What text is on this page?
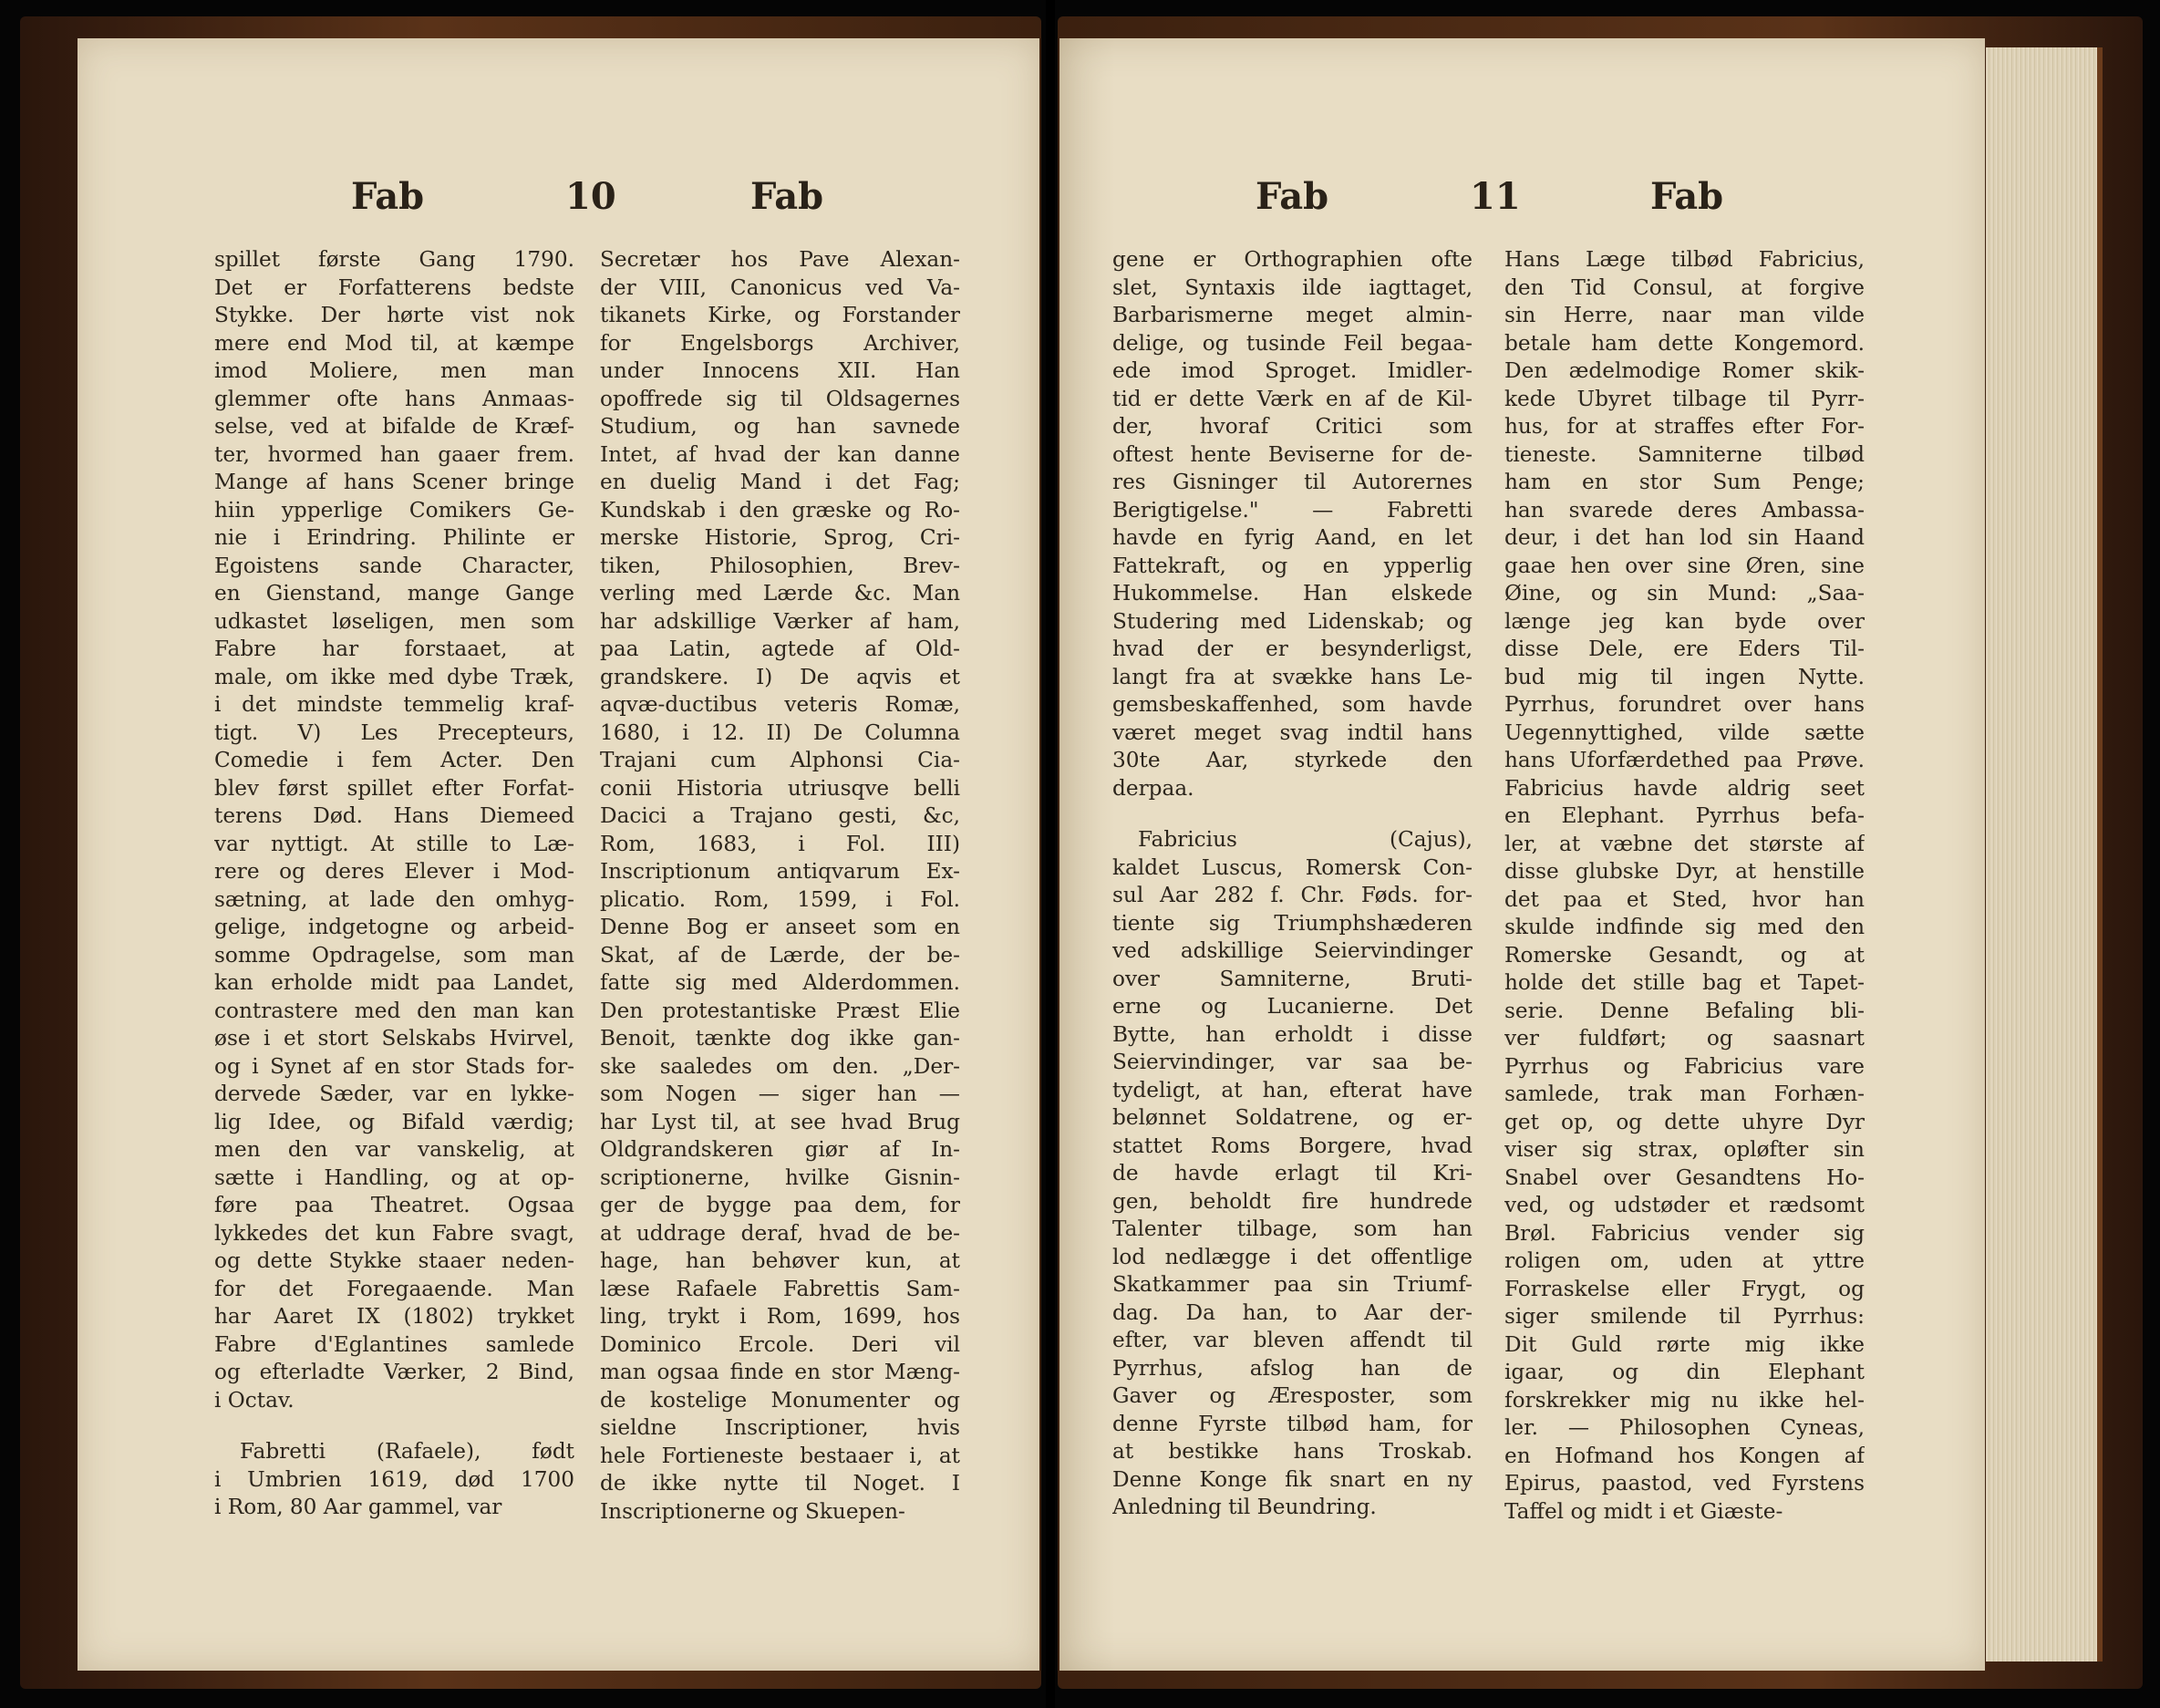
Fab	10	Fab
spillet første Gang 1790.
Det er Forfatterens bedste
Stykke. Der hørte vist nok
mere end Mod til, at kæmpe
imod Moliere, men man
glemmer ofte hans Anmaas-
selse, ved at bifalde de Kræf-
ter, hvormed han gaaer frem.
Mange af hans Scener bringe
hiin ypperlige Comikers Ge-
nie i Erindring. Philinte er
Egoistens sande Character,
en Gienstand, mange Gange
udkastet løseligen, men som
Fabre har forstaaet, at
male, om ikke med dybe Træk,
i det mindste temmelig kraf-
tigt. V) Les Precepteurs,
Comedie i fem Acter. Den
blev først spillet efter Forfat-
terens Død. Hans Diemeed
var nyttigt. At stille to Læ-
rere og deres Elever i Mod-
sætning, at lade den omhyg-
gelige, indgetogne og arbeid-
somme Opdragelse, som man
kan erholde midt paa Landet,
contrastere med den man kan
øse i et stort Selskabs Hvirvel,
og i Synet af en stor Stads for-
dervede Sæder, var en lykke-
lig Idee, og Bifald værdig;
men den var vanskelig, at
sætte i Handling, og at op-
føre paa Theatret. Ogsaa
lykkedes det kun Fabre svagt,
og dette Stykke staaer neden-
for det Foregaaende. Man
har Aaret IX (1802) trykket
Fabre d'Eglantines samlede
og efterladte Værker, 2 Bind,
i Octav.
Fabretti (Rafaele), født
i Umbrien 1619, død 1700
i Rom, 80 Aar gammel, var
Secretær hos Pave Alexan-
der VIII, Canonicus ved Va-
tikanets Kirke, og Forstander
for Engelsborgs Archiver,
under Innocens XII. Han
opoffrede sig til Oldsagernes
Studium, og han savnede
Intet, af hvad der kan danne
en duelig Mand i det Fag;
Kundskab i den græske og Ro-
merske Historie, Sprog, Cri-
tiken, Philosophien, Brev-
verling med Lærde &c. Man
har adskillige Værker af ham,
paa Latin, agtede af Old-
grandskere. I) De aqvis et
aqvæ-ductibus veteris Romæ,
1680, i 12. II) De Columna
Trajani cum Alphonsi Cia-
conii Historia utriusqve belli
Dacici a Trajano gesti, &c,
Rom, 1683, i Fol. III)
Inscriptionum antiqvarum Ex-
plicatio. Rom, 1599, i Fol.
Denne Bog er anseet som en
Skat, af de Lærde, der be-
fatte sig med Alderdommen.
Den protestantiske Præst Elie
Benoit, tænkte dog ikke gan-
ske saaledes om den. „Der-
som Nogen — siger han —
har Lyst til, at see hvad Brug
Oldgrandskeren giør af In-
scriptionerne, hvilke Gisnin-
ger de bygge paa dem, for
at uddrage deraf, hvad de be-
hage, han behøver kun, at
læse Rafaele Fabrettis Sam-
ling, trykt i Rom, 1699, hos
Dominico Ercole. Deri vil
man ogsaa finde en stor Mæng-
de kostelige Monumenter og
sieldne Inscriptioner, hvis
hele Fortieneste bestaaer i, at
de ikke nytte til Noget. I
Inscriptionerne og Skuepen-
Fab	11	Fab
gene er Orthographien ofte
slet, Syntaxis ilde iagttaget,
Barbarismerne meget almin-
delige, og tusinde Feil begaa-
ede imod Sproget. Imidler-
tid er dette Værk en af de Kil-
der, hvoraf Critici som
oftest hente Beviserne for de-
res Gisninger til Autorernes
Berigtigelse." — Fabretti
havde en fyrig Aand, en let
Fattekraft, og en ypperlig
Hukommelse. Han elskede
Studering med Lidenskab; og
hvad der er besynderligst,
langt fra at svække hans Le-
gemsbeskaffenhed, som havde
været meget svag indtil hans
30te Aar, styrkede den
derpaa.
Fabricius (Cajus),
kaldet Luscus, Romersk Con-
sul Aar 282 f. Chr. Føds. for-
tiente sig Triumphshæderen
ved adskillige Seiervindinger
over Samniterne, Bruti-
erne og Lucanierne. Det
Bytte, han erholdt i disse
Seiervindinger, var saa be-
tydeligt, at han, efterat have
belønnet Soldatrene, og er-
stattet Roms Borgere, hvad
de havde erlagt til Kri-
gen, beholdt fire hundrede
Talenter tilbage, som han
lod nedlægge i det offentlige
Skatkammer paa sin Triumf-
dag. Da han, to Aar der-
efter, var bleven affendt til
Pyrrhus, afslog han de
Gaver og Æresposter, som
denne Fyrste tilbød ham, for
at bestikke hans Troskab.
Denne Konge fik snart en ny
Anledning til Beundring.
Hans Læge tilbød Fabricius,
den Tid Consul, at forgive
sin Herre, naar man vilde
betale ham dette Kongemord.
Den ædelmodige Romer skik-
kede Ubyret tilbage til Pyrr-
hus, for at straffes efter For-
tieneste. Samniterne tilbød
ham en stor Sum Penge;
han svarede deres Ambassa-
deur, i det han lod sin Haand
gaae hen over sine Øren, sine
Øine, og sin Mund: „Saa-
længe jeg kan byde over
disse Dele, ere Eders Til-
bud mig til ingen Nytte.
Pyrrhus, forundret over hans
Uegennyttighed, vilde sætte
hans Uforfærdethed paa Prøve.
Fabricius havde aldrig seet
en Elephant. Pyrrhus befa-
ler, at væbne det største af
disse glubske Dyr, at henstille
det paa et Sted, hvor han
skulde indfinde sig med den
Romerske Gesandt, og at
holde det stille bag et Tapet-
serie. Denne Befaling bli-
ver fuldført; og saasnart
Pyrrhus og Fabricius vare
samlede, trak man Forhæn-
get op, og dette uhyre Dyr
viser sig strax, opløfter sin
Snabel over Gesandtens Ho-
ved, og udstøder et rædsomt
Brøl. Fabricius vender sig
roligen om, uden at yttre
Forraskelse eller Frygt, og
siger smilende til Pyrrhus:
Dit Guld rørte mig ikke
igaar, og din Elephant
forskrekker mig nu ikke hel-
ler. — Philosophen Cyneas,
en Hofmand hos Kongen af
Epirus, paastod, ved Fyrstens
Taffel og midt i et Giæste-
